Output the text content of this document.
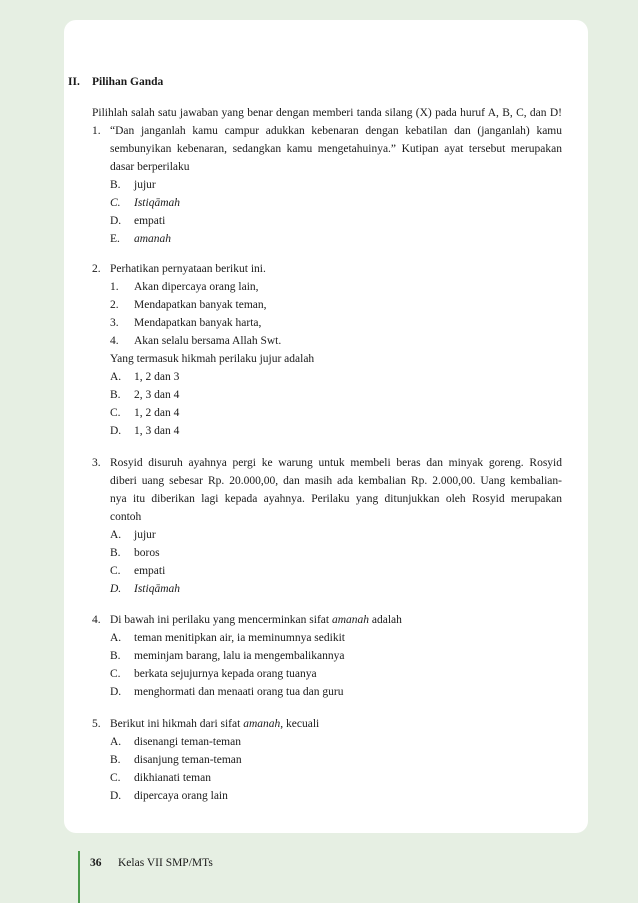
II. Pilihan Ganda
Pilihlah salah satu jawaban yang benar dengan memberi tanda silang (X) pada huruf A, B, C, dan D!
1. “Dan janganlah kamu campur adukkan kebenaran dengan kebatilan dan (janganlah) kamu
sembunyikan kebenaran, sedangkan kamu mengetahuinya.” Kutipan ayat tersebut merupakan
dasar berperilaku
B. jujur
C. Istiqāmah
D. empati
E. amanah
2. Perhatikan pernyataan berikut ini.
1. Akan dipercaya orang lain,
2. Mendapatkan banyak teman,
3. Mendapatkan banyak harta,
4. Akan selalu bersama Allah Swt.
Yang termasuk hikmah perilaku jujur adalah
A. 1, 2 dan 3
B. 2, 3 dan 4
C. 1, 2 dan 4
D. 1, 3 dan 4
3. Rosyid disuruh ayahnya pergi ke warung untuk membeli beras dan minyak goreng. Rosyid
diberi uang sebesar Rp. 20.000,00, dan masih ada kembalian Rp. 2.000,00. Uang kembalian-
nya itu diberikan lagi kepada ayahnya. Perilaku yang ditunjukkan oleh Rosyid merupakan
contoh
A. jujur
B. boros
C. empati
D. Istiqāmah
4. Di bawah ini perilaku yang mencerminkan sifat amanah adalah
A. teman menitipkan air, ia meminumnya sedikit
B. meminjam barang, lalu ia mengembalikannya
C. berkata sejujurnya kepada orang tuanya
D. menghormati dan menaati orang tua dan guru
5. Berikut ini hikmah dari sifat amanah, kecuali
A. disenangi teman-teman
B. disanjung teman-teman
C. dikhianati teman
D. dipercaya orang lain
36 Kelas VII SMP/MTs
